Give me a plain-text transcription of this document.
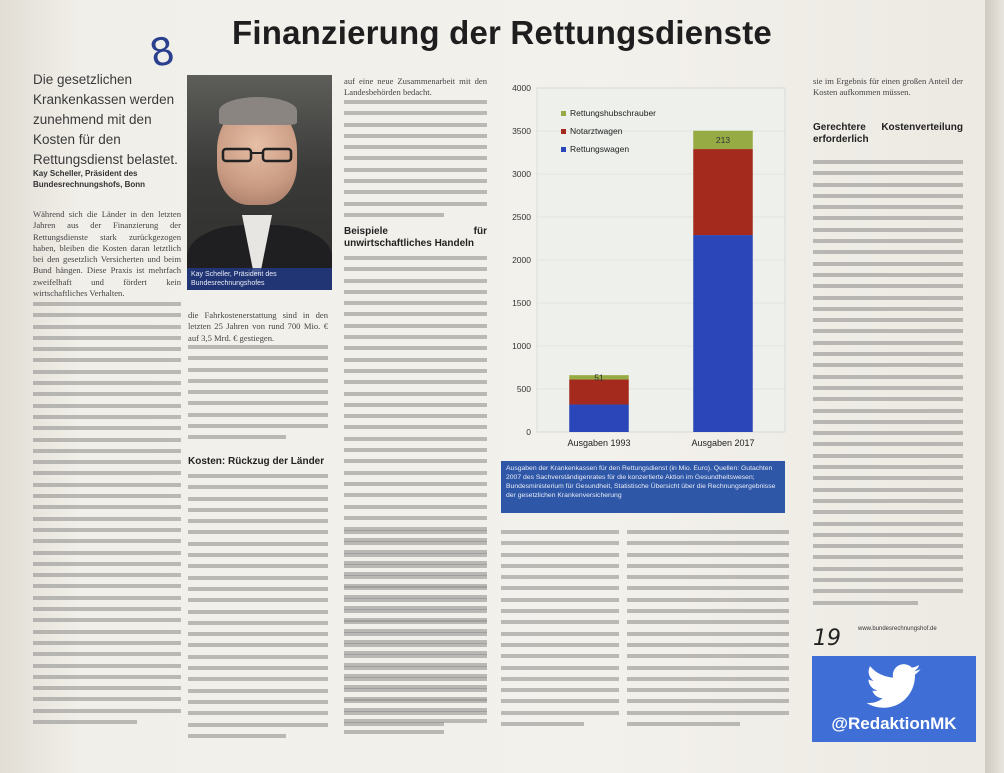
Finanzierung der Rettungsdienste
8
Die gesetzlichen Krankenkassen werden zunehmend mit den Kosten für den Rettungsdienst belastet.
Kay Scheller, Präsident des Bundesrechnungshofs, Bonn

Während sich die Länder in den letzten Jahren aus der Finanzierung der Rettungsdienste stark zurückgezogen haben, bleiben die Kosten daran letztlich bei den gesetzlich Versicherten und beim Bund hängen. Diese Praxis ist mehrfach zweifelhaft und fördert kein wirtschaftliches Verhalten.

Kay Scheller, Präsident des Bundesrechnungshofes

die Fahrkostenerstattung sind in den letzten 25 Jahren von rund 700 Mio. € auf 3,5 Mrd. € gestiegen.

Kosten: Rückzug der Länder

auf eine neue Zusammenarbeit mit den Landesbehörden bedacht.

Beispiele für unwirtschaftliches Handeln
0
500
1000
1500
2000
2500
3000
3500
4000
51
213
Ausgaben 1993	Ausgaben 2017
Rettungshubschrauber
Notarztwagen
Rettungswagen
Ausgaben der Krankenkassen für den Rettungsdienst (in Mio. Euro). Quellen: Gutachten 2007 des Sachverständigenrates für die konzertierte Aktion im Gesundheitswesen; Bundesministerium für Gesundheit, Statistische Übersicht über die Rechnungsergebnisse der gesetzlichen Krankenversicherung

sie im Ergebnis für einen großen Anteil der Kosten aufkommen müssen.

Gerechtere Kostenverteilung erforderlich
19	www.bundesrechnungshof.de
@RedaktionMK
